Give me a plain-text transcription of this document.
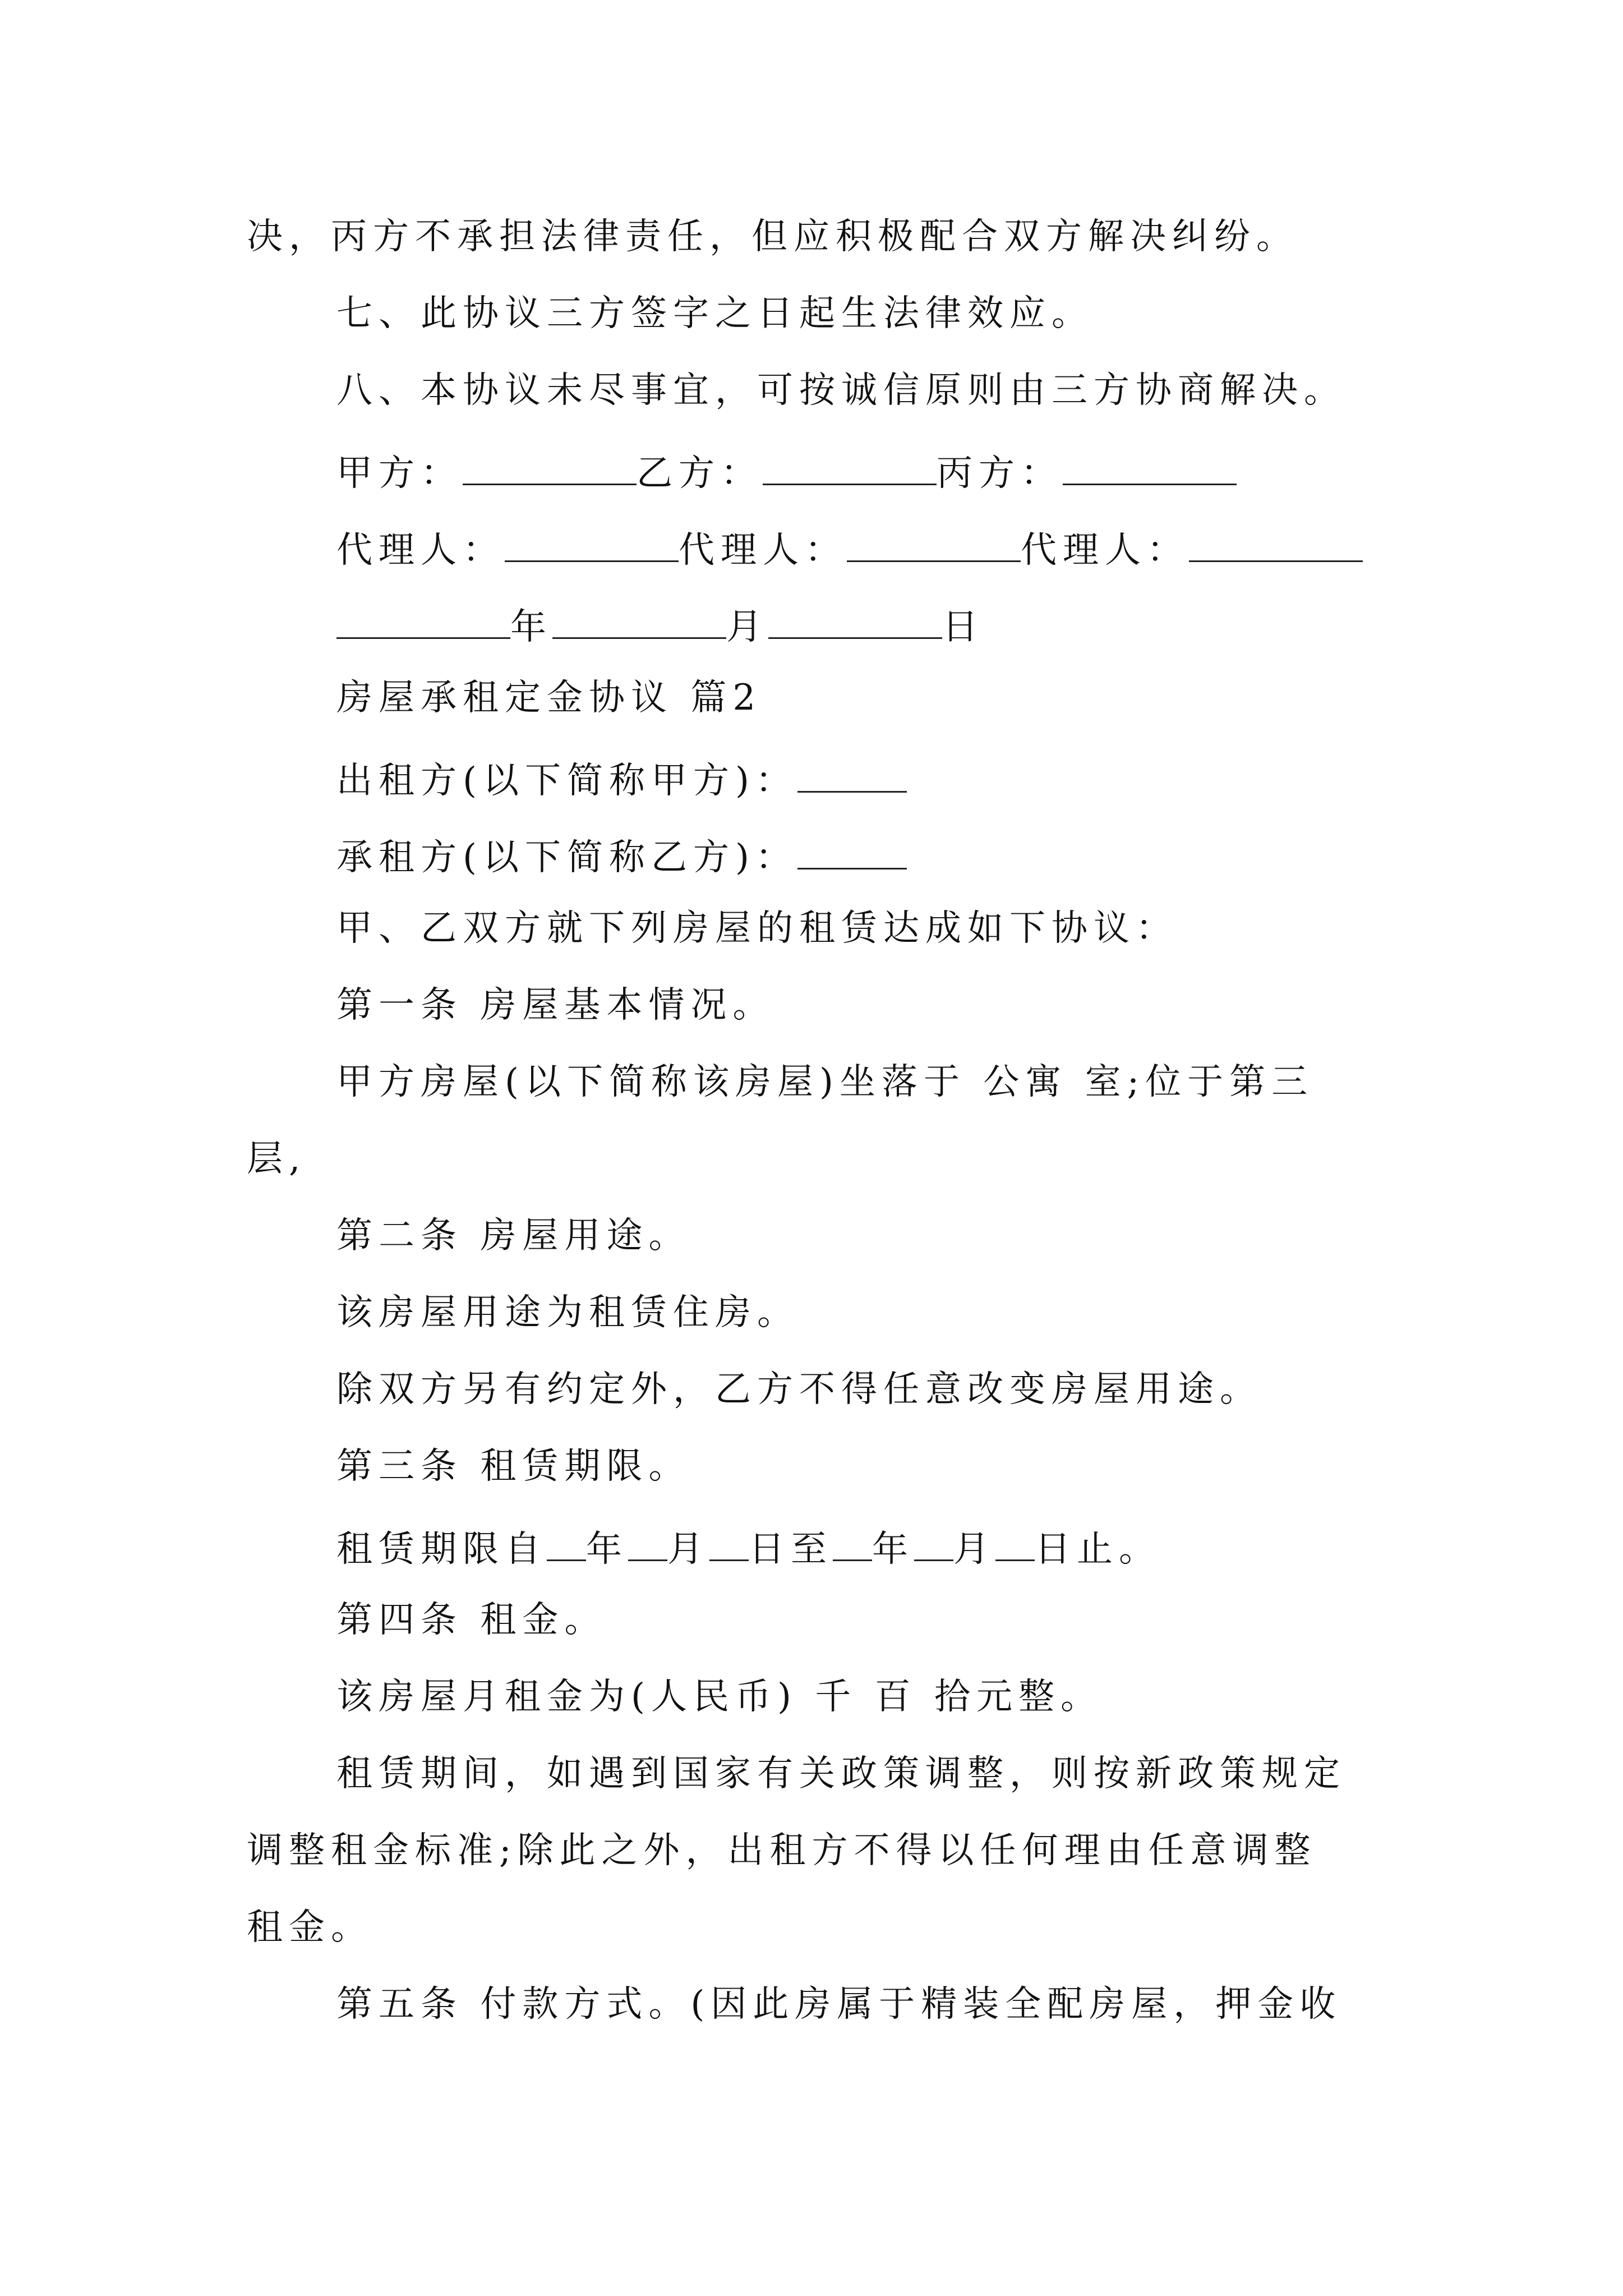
决，丙方不承担法律责任，但应积极配合双方解决纠纷。
七、此协议三方签字之日起生法律效应。
八、本协议未尽事宜，可按诚信原则由三方协商解决。
甲方：	乙方：	丙方：
代理人：	代理人：	代理人：
年	月	日
房屋承租定金协议 篇2
出租方(以下简称甲方)：
承租方(以下简称乙方)：
甲、乙双方就下列房屋的租赁达成如下协议：
第一条 房屋基本情况。
甲方房屋(以下简称该房屋)坐落于 公寓 室;位于第三
层,
第二条 房屋用途。
该房屋用途为租赁住房。
除双方另有约定外，乙方不得任意改变房屋用途。
第三条 租赁期限。
租赁期限自 年 月 日至 年 月 日止。
第四条 租金。
该房屋月租金为(人民币) 千 百 拾元整。
租赁期间，如遇到国家有关政策调整，则按新政策规定
调整租金标准;除此之外，出租方不得以任何理由任意调整
租金。
第五条 付款方式。(因此房属于精装全配房屋，押金收
